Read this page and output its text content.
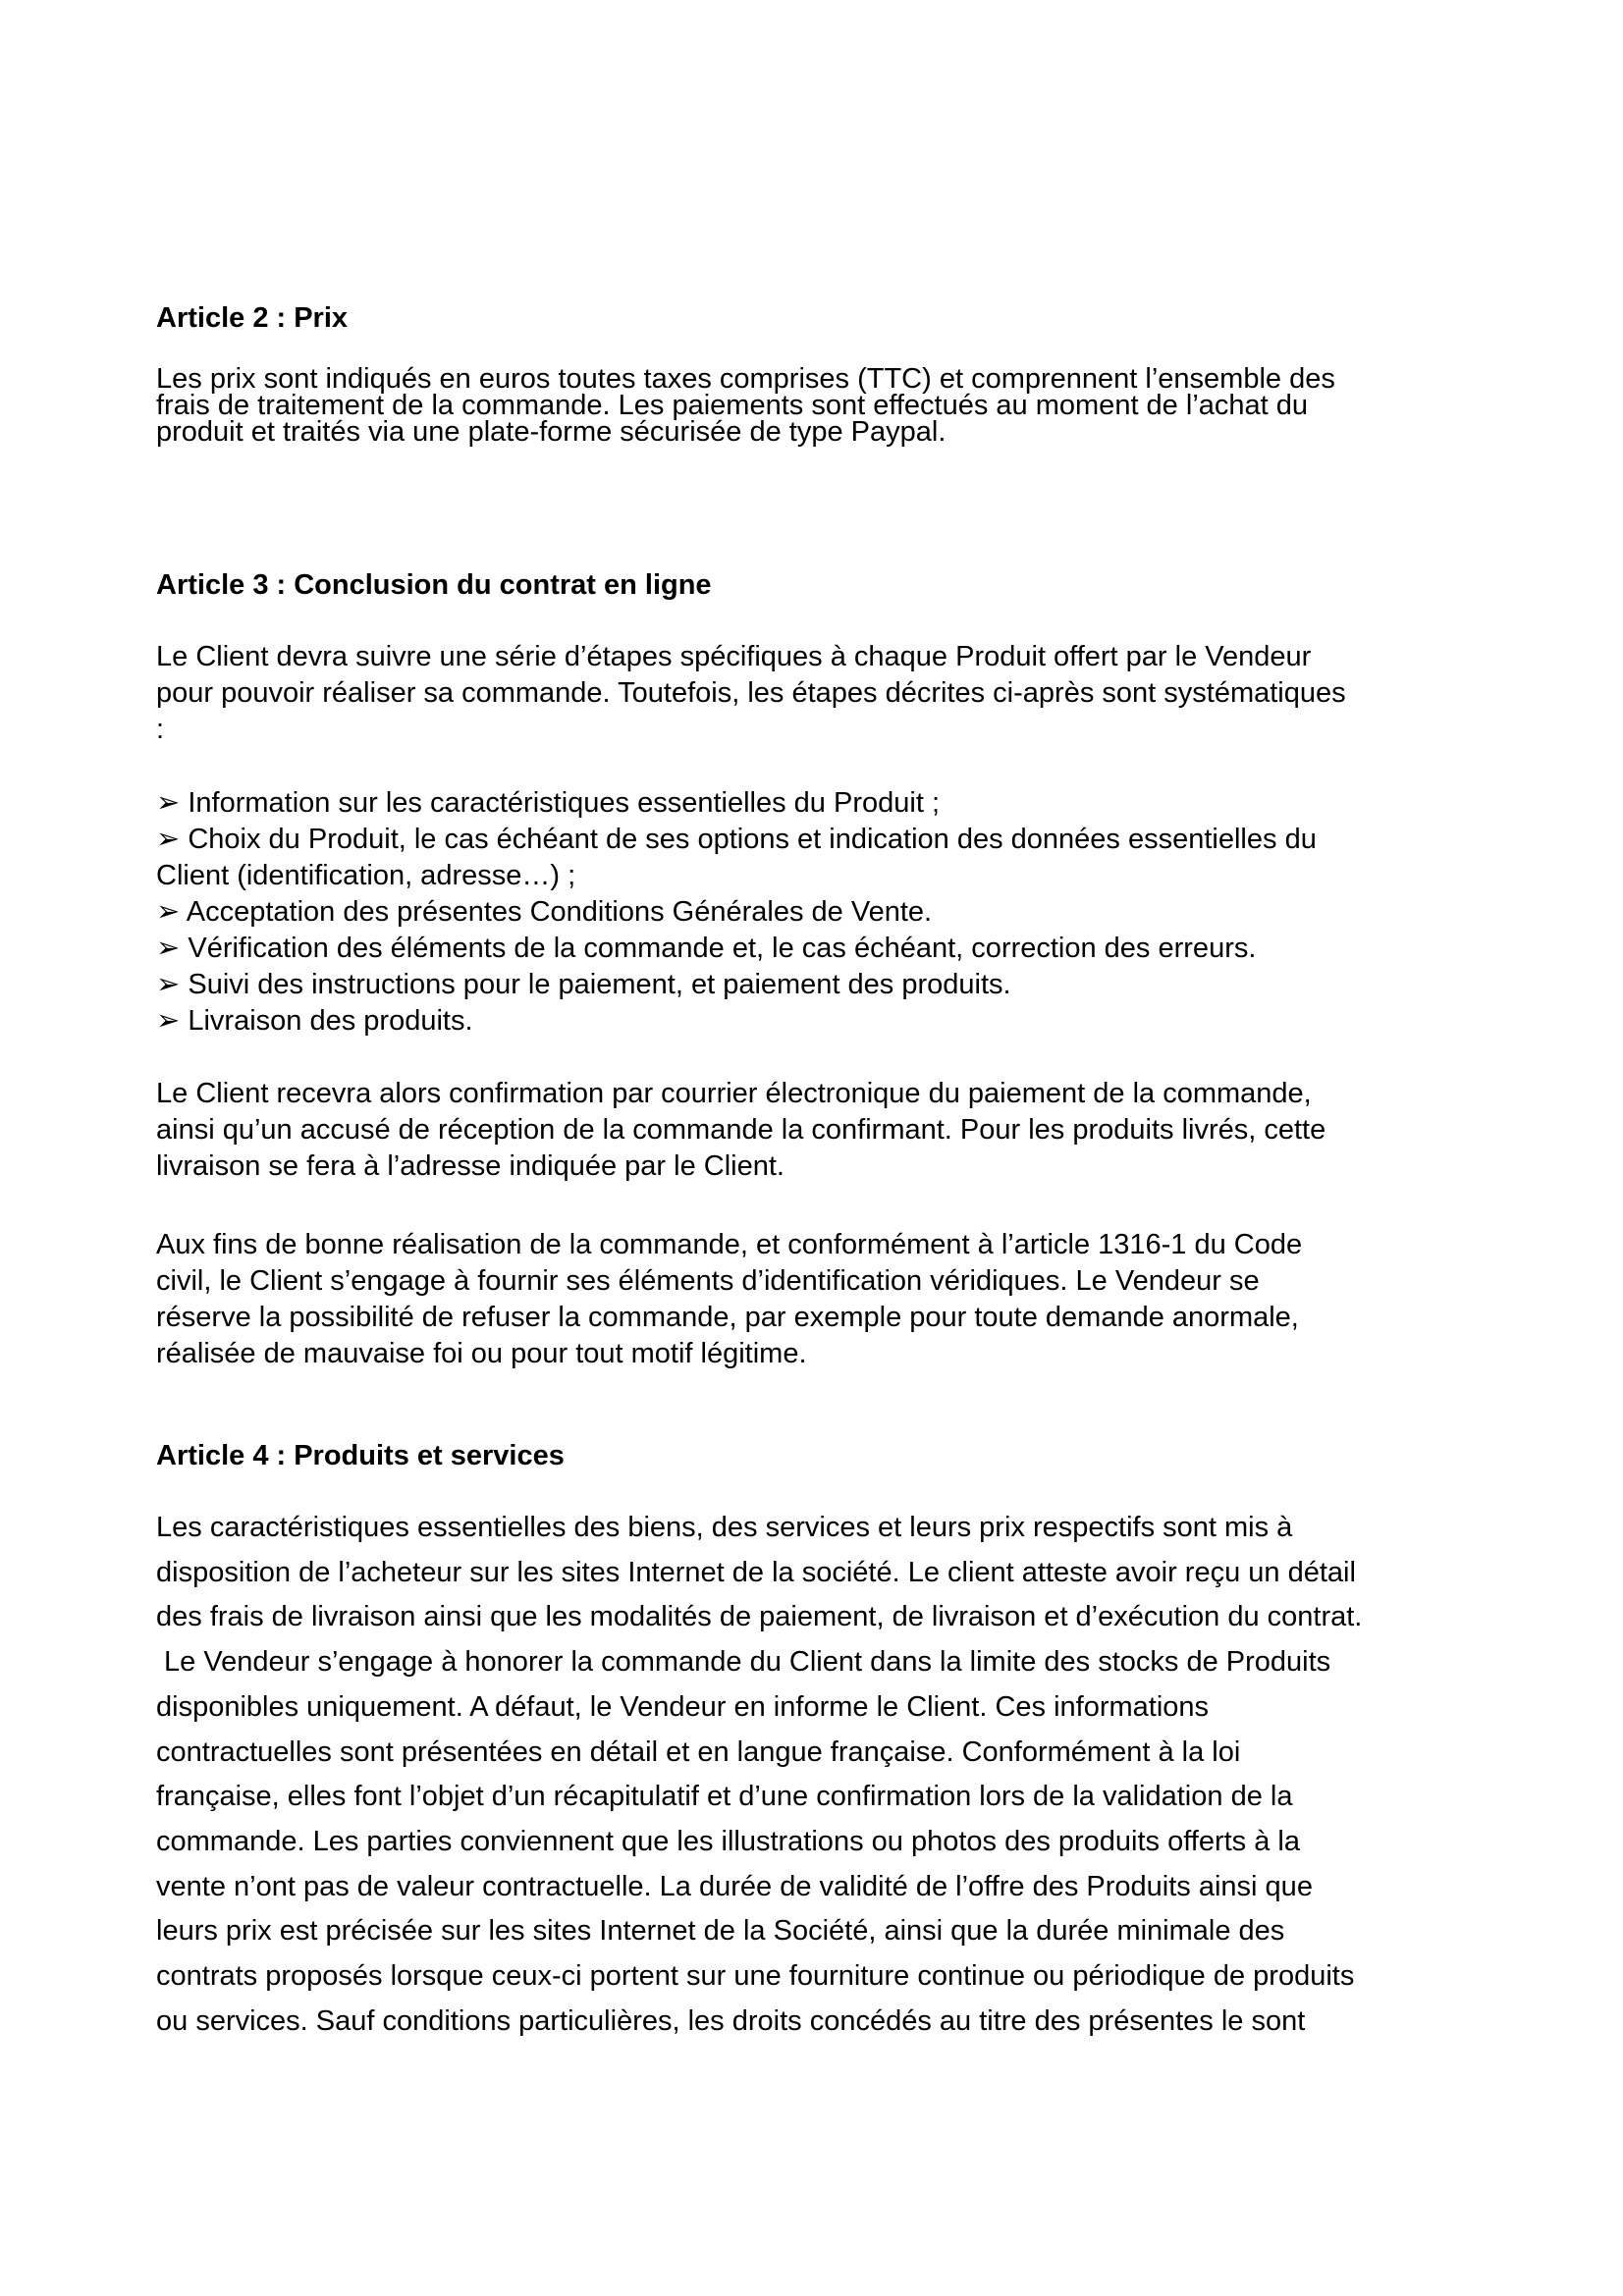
Article 2 : Prix

Les prix sont indiqués en euros toutes taxes comprises (TTC) et comprennent l’ensemble des
frais de traitement de la commande. Les paiements sont effectués au moment de l’achat du
produit et traités via une plate-forme sécurisée de type Paypal.

Article 3 : Conclusion du contrat en ligne

Le Client devra suivre une série d’étapes spécifiques à chaque Produit offert par le Vendeur
pour pouvoir réaliser sa commande. Toutefois, les étapes décrites ci-après sont systématiques
:

➢ Information sur les caractéristiques essentielles du Produit ;
➢ Choix du Produit, le cas échéant de ses options et indication des données essentielles du
Client (identification, adresse…) ;
➢ Acceptation des présentes Conditions Générales de Vente.
➢ Vérification des éléments de la commande et, le cas échéant, correction des erreurs.
➢ Suivi des instructions pour le paiement, et paiement des produits.
➢ Livraison des produits.

Le Client recevra alors confirmation par courrier électronique du paiement de la commande,
ainsi qu’un accusé de réception de la commande la confirmant. Pour les produits livrés, cette
livraison se fera à l’adresse indiquée par le Client.

Aux fins de bonne réalisation de la commande, et conformément à l’article 1316-1 du Code
civil, le Client s’engage à fournir ses éléments d’identification véridiques. Le Vendeur se
réserve la possibilité de refuser la commande, par exemple pour toute demande anormale,
réalisée de mauvaise foi ou pour tout motif légitime.

Article 4 : Produits et services

Les caractéristiques essentielles des biens, des services et leurs prix respectifs sont mis à
disposition de l’acheteur sur les sites Internet de la société. Le client atteste avoir reçu un détail
des frais de livraison ainsi que les modalités de paiement, de livraison et d’exécution du contrat.
Le Vendeur s’engage à honorer la commande du Client dans la limite des stocks de Produits
disponibles uniquement. A défaut, le Vendeur en informe le Client. Ces informations
contractuelles sont présentées en détail et en langue française. Conformément à la loi
française, elles font l’objet d’un récapitulatif et d’une confirmation lors de la validation de la
commande. Les parties conviennent que les illustrations ou photos des produits offerts à la
vente n’ont pas de valeur contractuelle. La durée de validité de l’offre des Produits ainsi que
leurs prix est précisée sur les sites Internet de la Société, ainsi que la durée minimale des
contrats proposés lorsque ceux-ci portent sur une fourniture continue ou périodique de produits
ou services. Sauf conditions particulières, les droits concédés au titre des présentes le sont
